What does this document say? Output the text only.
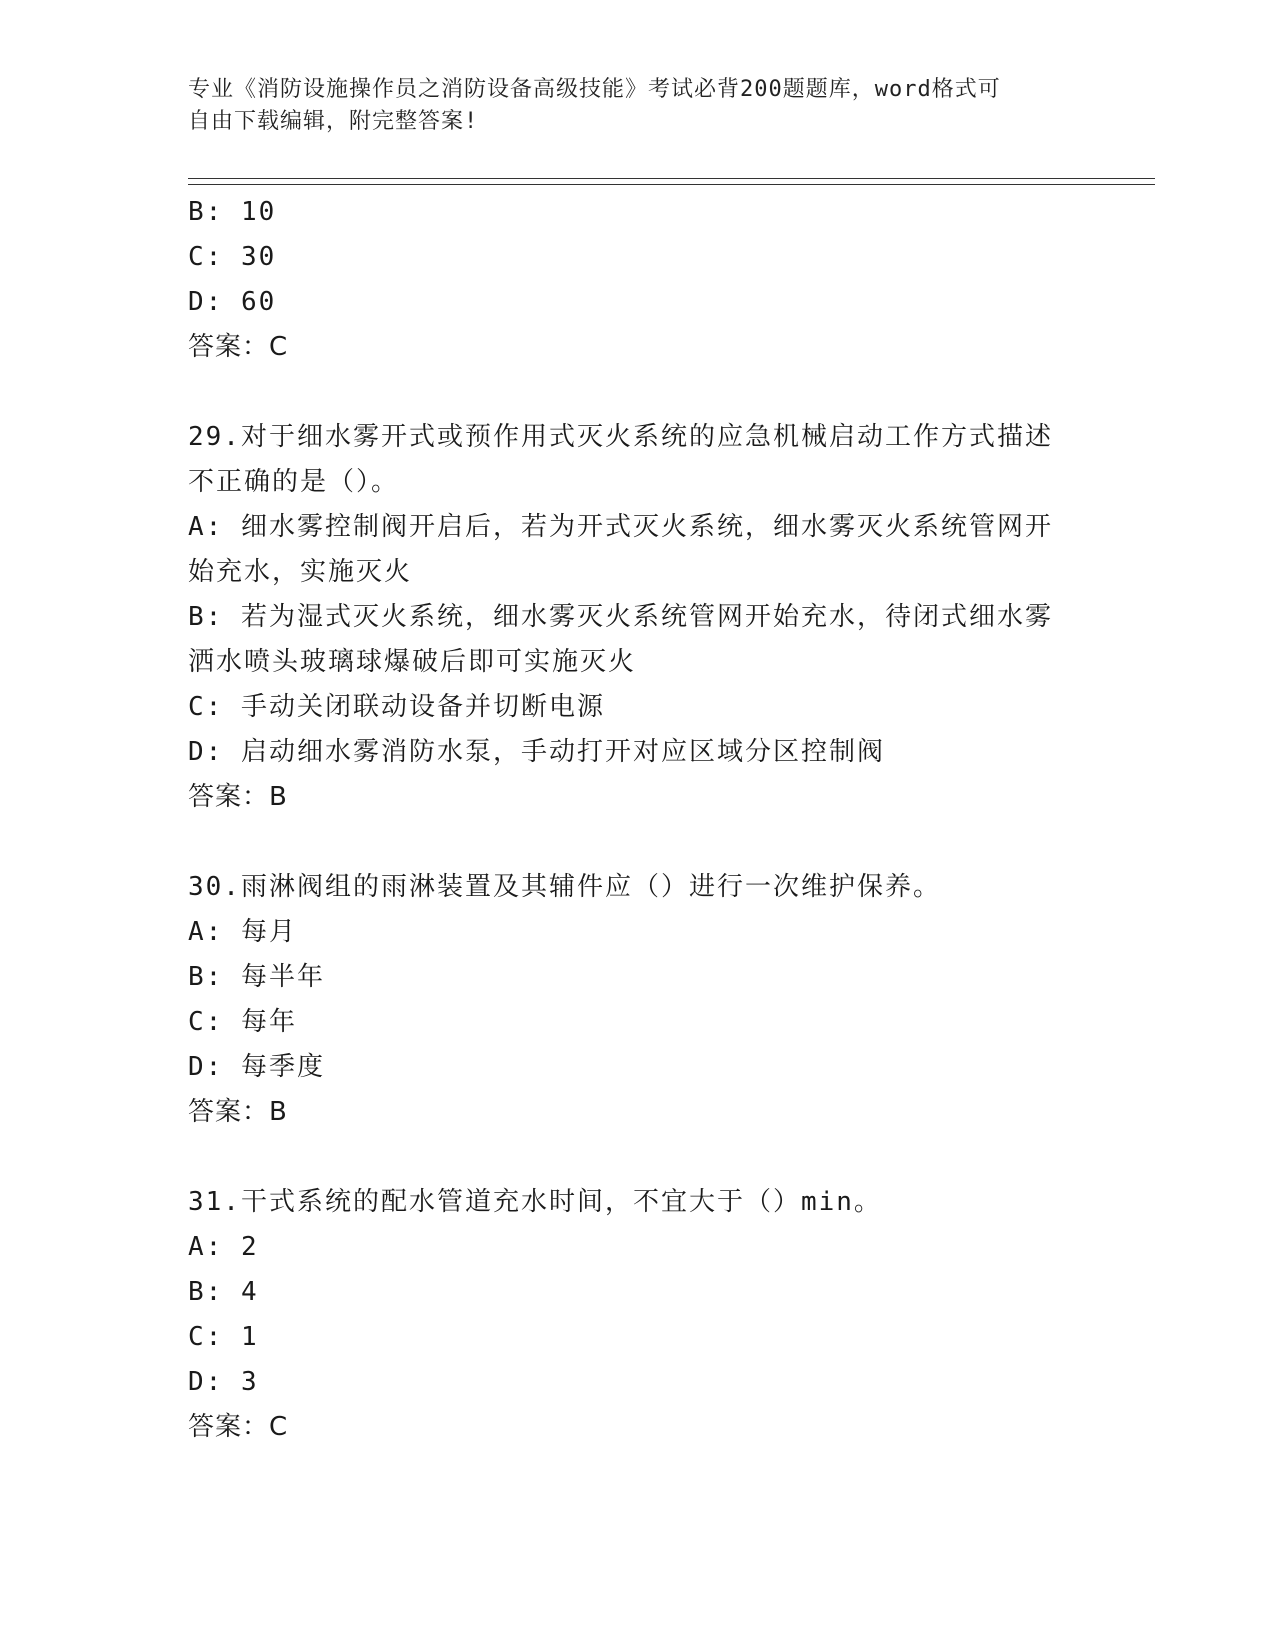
专业《消防设施操作员之消防设备高级技能》考试必背200题题库，word格式可
自由下载编辑，附完整答案!
B: 10
C: 30
D: 60
答案：C
29.对于细水雾开式或预作用式灭火系统的应急机械启动工作方式描述
不正确的是（）。
A: 细水雾控制阀开启后，若为开式灭火系统，细水雾灭火系统管网开
始充水，实施灭火
B: 若为湿式灭火系统，细水雾灭火系统管网开始充水，待闭式细水雾
洒水喷头玻璃球爆破后即可实施灭火
C: 手动关闭联动设备并切断电源
D: 启动细水雾消防水泵，手动打开对应区域分区控制阀
答案：B
30.雨淋阀组的雨淋装置及其辅件应（）进行一次维护保养。
A: 每月
B: 每半年
C: 每年
D: 每季度
答案：B
31.干式系统的配水管道充水时间，不宜大于（）min。
A: 2
B: 4
C: 1
D: 3
答案：C
